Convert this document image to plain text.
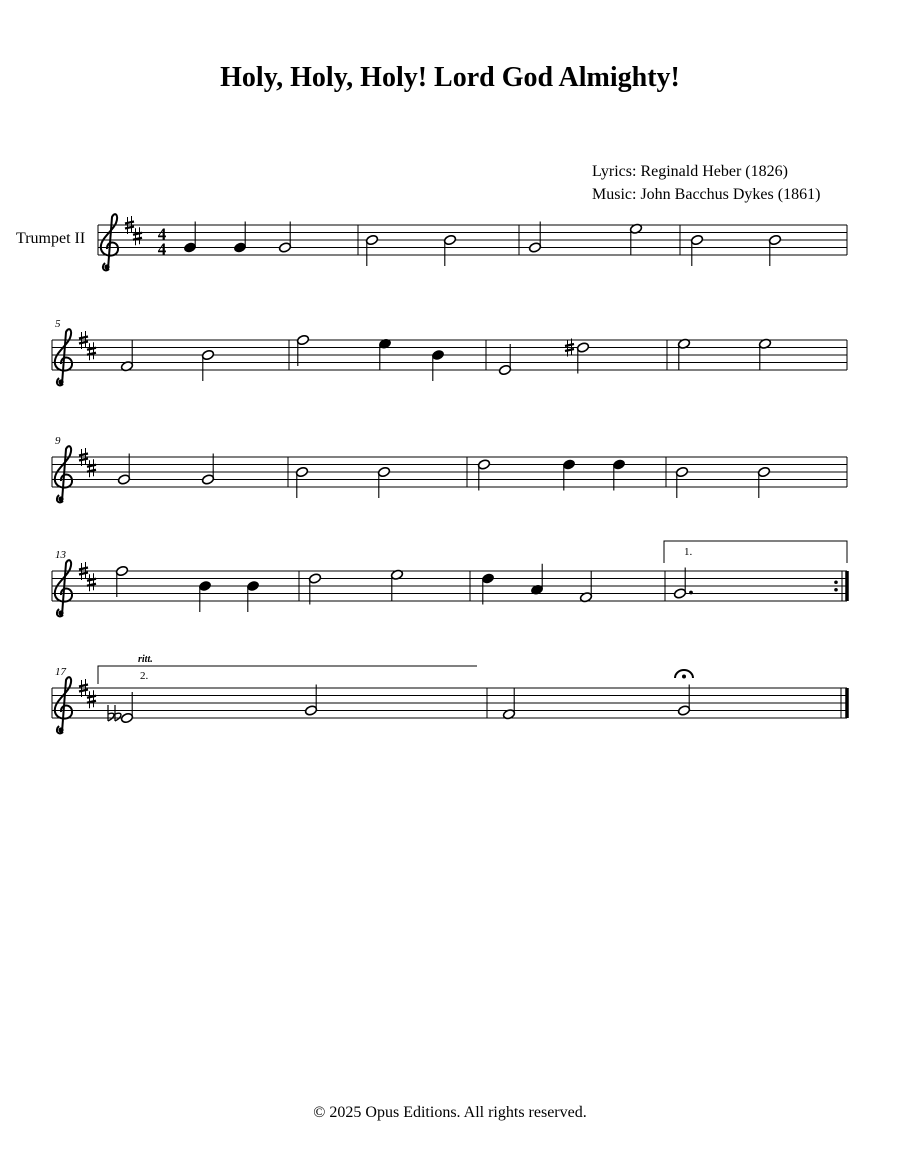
Holy, Holy, Holy! Lord God Almighty!
Lyrics: Reginald Heber (1826)
Music: John Bacchus Dykes (1861)
Trumpet II	4
4
5
9
13	1.
17	2.
ritt.
© 2025 Opus Editions. All rights reserved.
